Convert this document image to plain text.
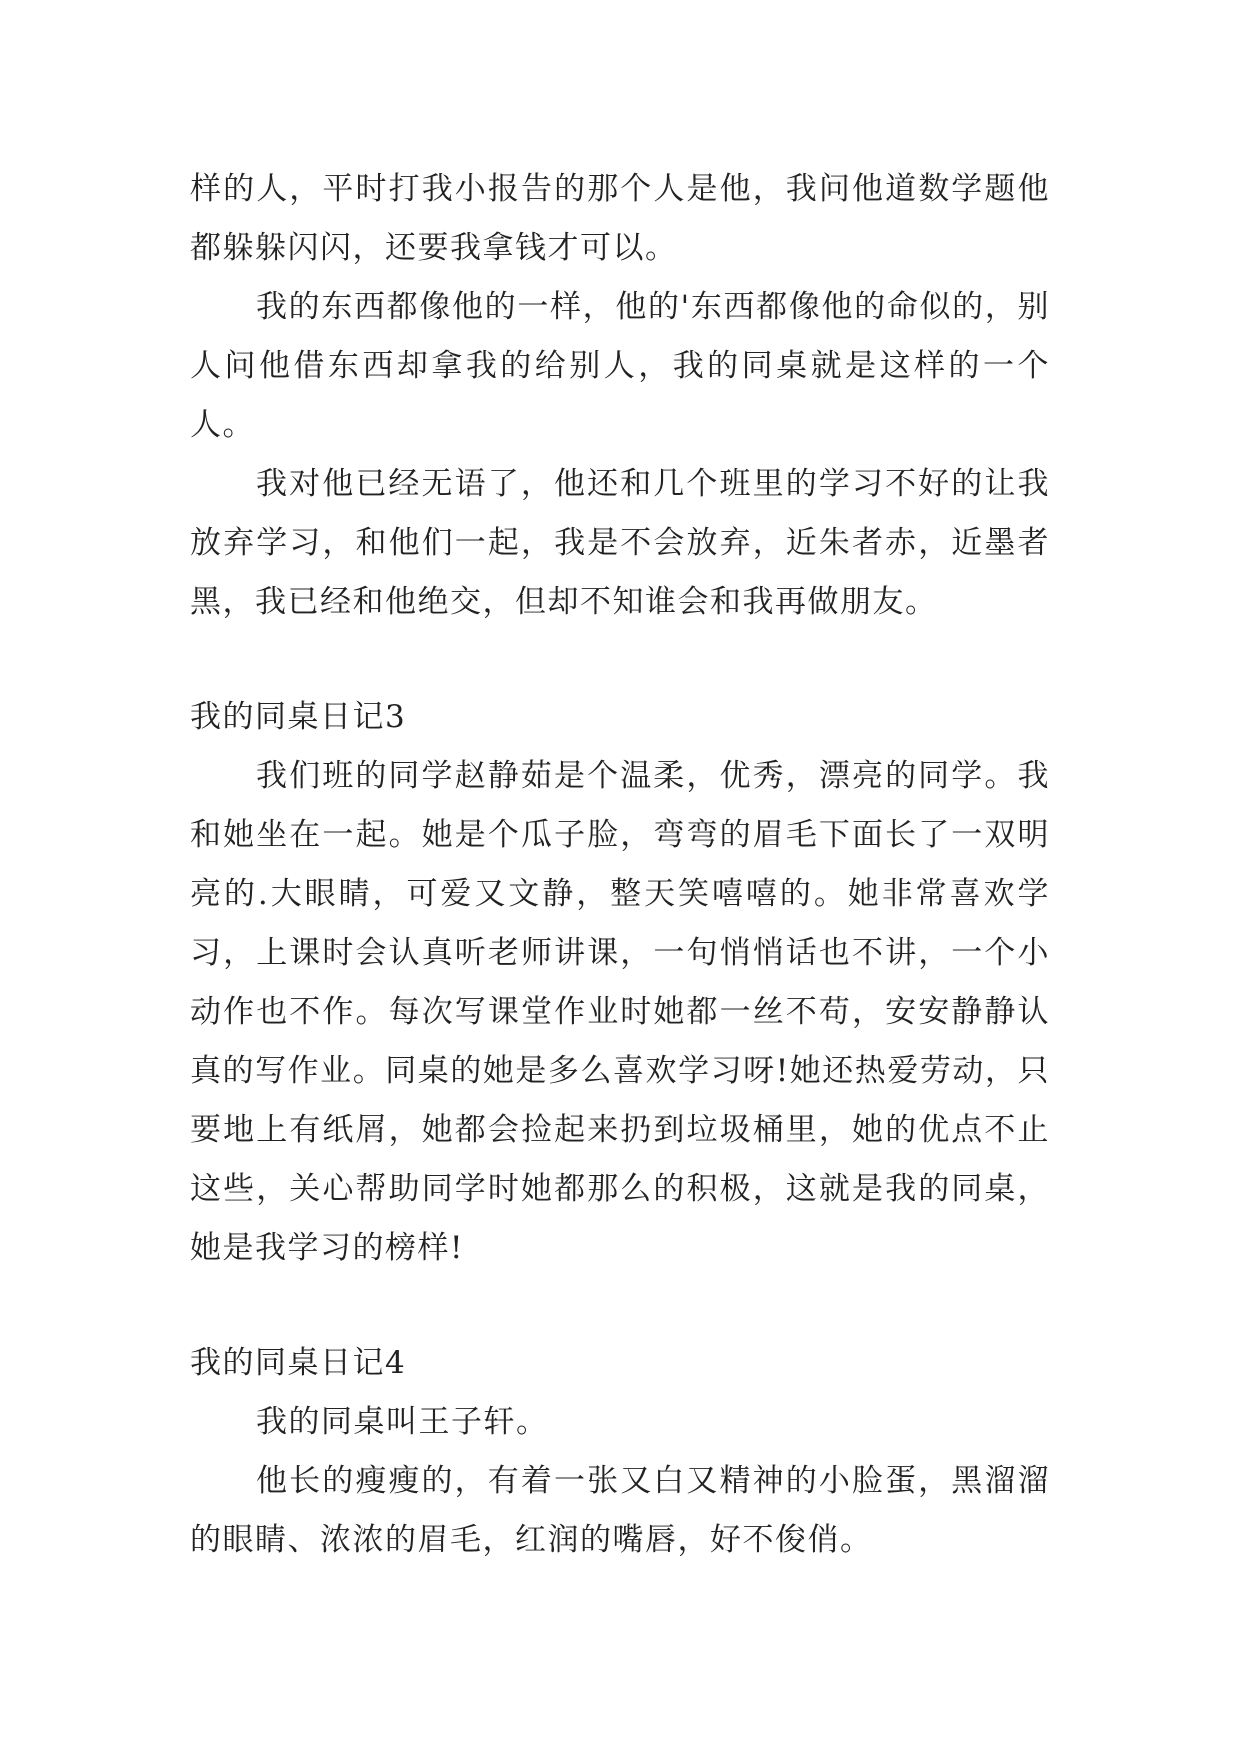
样的人，平时打我小报告的那个人是他，我问他道数学题他都躲躲闪闪，还要我拿钱才可以。

我的东西都像他的一样，他的'东西都像他的命似的，别人问他借东西却拿我的给别人，我的同桌就是这样的一个人。

我对他已经无语了，他还和几个班里的学习不好的让我放弃学习，和他们一起，我是不会放弃，近朱者赤，近墨者黑，我已经和他绝交，但却不知谁会和我再做朋友。

我的同桌日记3

我们班的同学赵静茹是个温柔，优秀，漂亮的同学。我和她坐在一起。她是个瓜子脸，弯弯的眉毛下面长了一双明亮的.大眼睛，可爱又文静，整天笑嘻嘻的。她非常喜欢学习，上课时会认真听老师讲课，一句悄悄话也不讲，一个小动作也不作。每次写课堂作业时她都一丝不苟，安安静静认真的写作业。同桌的她是多么喜欢学习呀!她还热爱劳动，只要地上有纸屑，她都会捡起来扔到垃圾桶里，她的优点不止这些，关心帮助同学时她都那么的积极，这就是我的同桌，她是我学习的榜样!

我的同桌日记4

我的同桌叫王子轩。

他长的瘦瘦的，有着一张又白又精神的小脸蛋，黑溜溜的眼睛、浓浓的眉毛，红润的嘴唇，好不俊俏。
